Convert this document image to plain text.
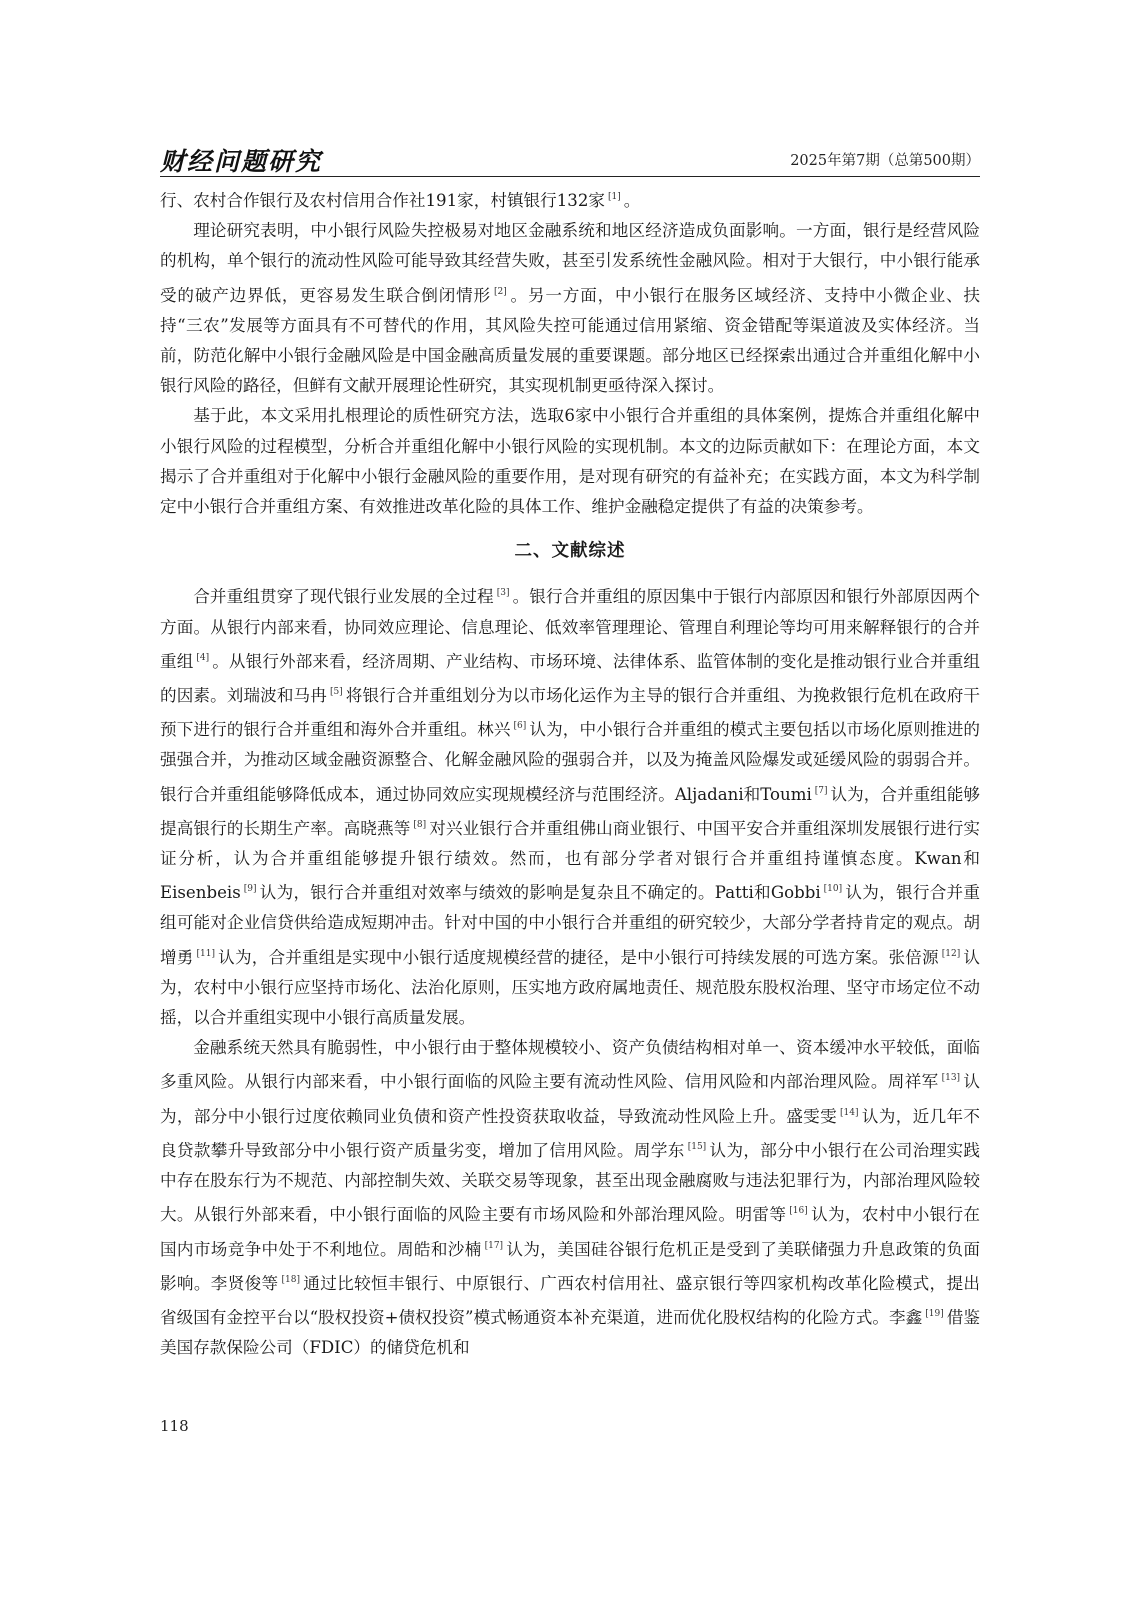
财经问题研究	2025年第7期（总第500期）

行、农村合作银行及农村信用合作社191家，村镇银行132家 [1] 。

理论研究表明，中小银行风险失控极易对地区金融系统和地区经济造成负面影响。一方面，银行是经营风险的机构，单个银行的流动性风险可能导致其经营失败，甚至引发系统性金融风险。相对于大银行，中小银行能承受的破产边界低，更容易发生联合倒闭情形 [2] 。另一方面，中小银行在服务区域经济、支持中小微企业、扶持“三农”发展等方面具有不可替代的作用，其风险失控可能通过信用紧缩、资金错配等渠道波及实体经济。当前，防范化解中小银行金融风险是中国金融高质量发展的重要课题。部分地区已经探索出通过合并重组化解中小银行风险的路径，但鲜有文献开展理论性研究，其实现机制更亟待深入探讨。

基于此，本文采用扎根理论的质性研究方法，选取6家中小银行合并重组的具体案例，提炼合并重组化解中小银行风险的过程模型，分析合并重组化解中小银行风险的实现机制。本文的边际贡献如下：在理论方面，本文揭示了合并重组对于化解中小银行金融风险的重要作用，是对现有研究的有益补充；在实践方面，本文为科学制定中小银行合并重组方案、有效推进改革化险的具体工作、维护金融稳定提供了有益的决策参考。

二、文献综述

合并重组贯穿了现代银行业发展的全过程 [3] 。银行合并重组的原因集中于银行内部原因和银行外部原因两个方面。从银行内部来看，协同效应理论、信息理论、低效率管理理论、管理自利理论等均可用来解释银行的合并重组 [4] 。从银行外部来看，经济周期、产业结构、市场环境、法律体系、监管体制的变化是推动银行业合并重组的因素。刘瑞波和马冉 [5] 将银行合并重组划分为以市场化运作为主导的银行合并重组、为挽救银行危机在政府干预下进行的银行合并重组和海外合并重组。林兴 [6] 认为，中小银行合并重组的模式主要包括以市场化原则推进的强强合并，为推动区域金融资源整合、化解金融风险的强弱合并，以及为掩盖风险爆发或延缓风险的弱弱合并。银行合并重组能够降低成本，通过协同效应实现规模经济与范围经济。Aljadani和Toumi [7] 认为，合并重组能够提高银行的长期生产率。高晓燕等 [8] 对兴业银行合并重组佛山商业银行、中国平安合并重组深圳发展银行进行实证分析，认为合并重组能够提升银行绩效。然而，也有部分学者对银行合并重组持谨慎态度。Kwan和Eisenbeis [9] 认为，银行合并重组对效率与绩效的影响是复杂且不确定的。Patti和Gobbi [10] 认为，银行合并重组可能对企业信贷供给造成短期冲击。针对中国的中小银行合并重组的研究较少，大部分学者持肯定的观点。胡增勇 [11] 认为，合并重组是实现中小银行适度规模经营的捷径，是中小银行可持续发展的可选方案。张倍源 [12] 认为，农村中小银行应坚持市场化、法治化原则，压实地方政府属地责任、规范股东股权治理、坚守市场定位不动摇，以合并重组实现中小银行高质量发展。

金融系统天然具有脆弱性，中小银行由于整体规模较小、资产负债结构相对单一、资本缓冲水平较低，面临多重风险。从银行内部来看，中小银行面临的风险主要有流动性风险、信用风险和内部治理风险。周祥军 [13] 认为，部分中小银行过度依赖同业负债和资产性投资获取收益，导致流动性风险上升。盛雯雯 [14] 认为，近几年不良贷款攀升导致部分中小银行资产质量劣变，增加了信用风险。周学东 [15] 认为，部分中小银行在公司治理实践中存在股东行为不规范、内部控制失效、关联交易等现象，甚至出现金融腐败与违法犯罪行为，内部治理风险较大。从银行外部来看，中小银行面临的风险主要有市场风险和外部治理风险。明雷等 [16] 认为，农村中小银行在国内市场竞争中处于不利地位。周皓和沙楠 [17] 认为，美国硅谷银行危机正是受到了美联储强力升息政策的负面影响。李贤俊等 [18] 通过比较恒丰银行、中原银行、广西农村信用社、盛京银行等四家机构改革化险模式，提出省级国有金控平台以“股权投资+债权投资”模式畅通资本补充渠道，进而优化股权结构的化险方式。李鑫 [19] 借鉴美国存款保险公司（FDIC）的储贷危机和

118
